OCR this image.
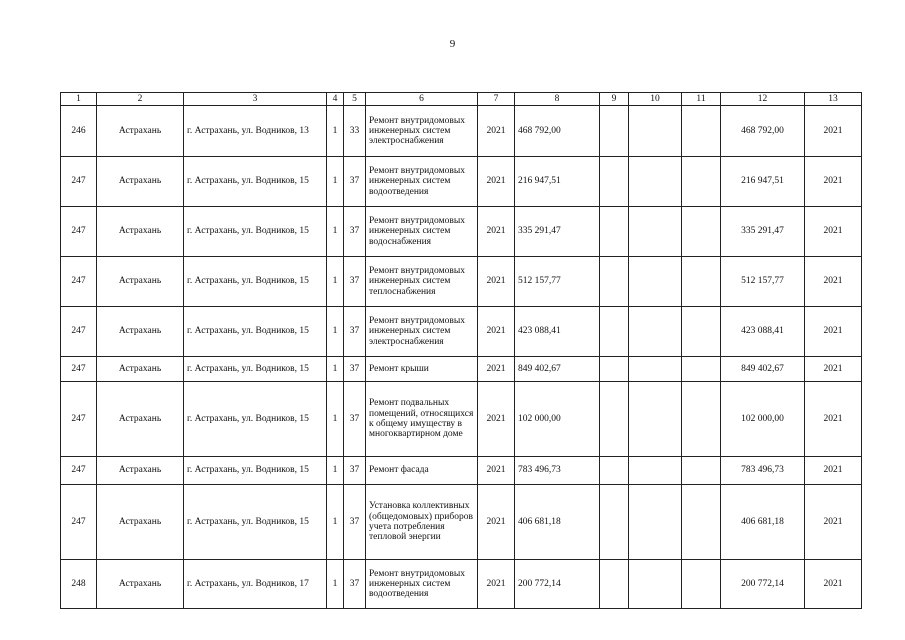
9
1	2	3	4	5	6	7	8	9	10	11	12	13
246	Астрахань	г. Астрахань, ул. Водников, 13	1	33	Ремонт внутридомовых инженерных систем электроснабжения	2021	468 792,00				468 792,00	2021
247	Астрахань	г. Астрахань, ул. Водников, 15	1	37	Ремонт внутридомовых инженерных систем водоотведения	2021	216 947,51				216 947,51	2021
247	Астрахань	г. Астрахань, ул. Водников, 15	1	37	Ремонт внутридомовых инженерных систем водоснабжения	2021	335 291,47				335 291,47	2021
247	Астрахань	г. Астрахань, ул. Водников, 15	1	37	Ремонт внутридомовых инженерных систем теплоснабжения	2021	512 157,77				512 157,77	2021
247	Астрахань	г. Астрахань, ул. Водников, 15	1	37	Ремонт внутридомовых инженерных систем электроснабжения	2021	423 088,41				423 088,41	2021
247	Астрахань	г. Астрахань, ул. Водников, 15	1	37	Ремонт крыши	2021	849 402,67				849 402,67	2021
247	Астрахань	г. Астрахань, ул. Водников, 15	1	37	Ремонт подвальных помещений, относящихся к общему имуществу в многоквартирном доме	2021	102 000,00				102 000,00	2021
247	Астрахань	г. Астрахань, ул. Водников, 15	1	37	Ремонт фасада	2021	783 496,73				783 496,73	2021
247	Астрахань	г. Астрахань, ул. Водников, 15	1	37	Установка коллективных (общедомовых) приборов учета потребления тепловой энергии	2021	406 681,18				406 681,18	2021
248	Астрахань	г. Астрахань, ул. Водников, 17	1	37	Ремонт внутридомовых инженерных систем водоотведения	2021	200 772,14				200 772,14	2021
